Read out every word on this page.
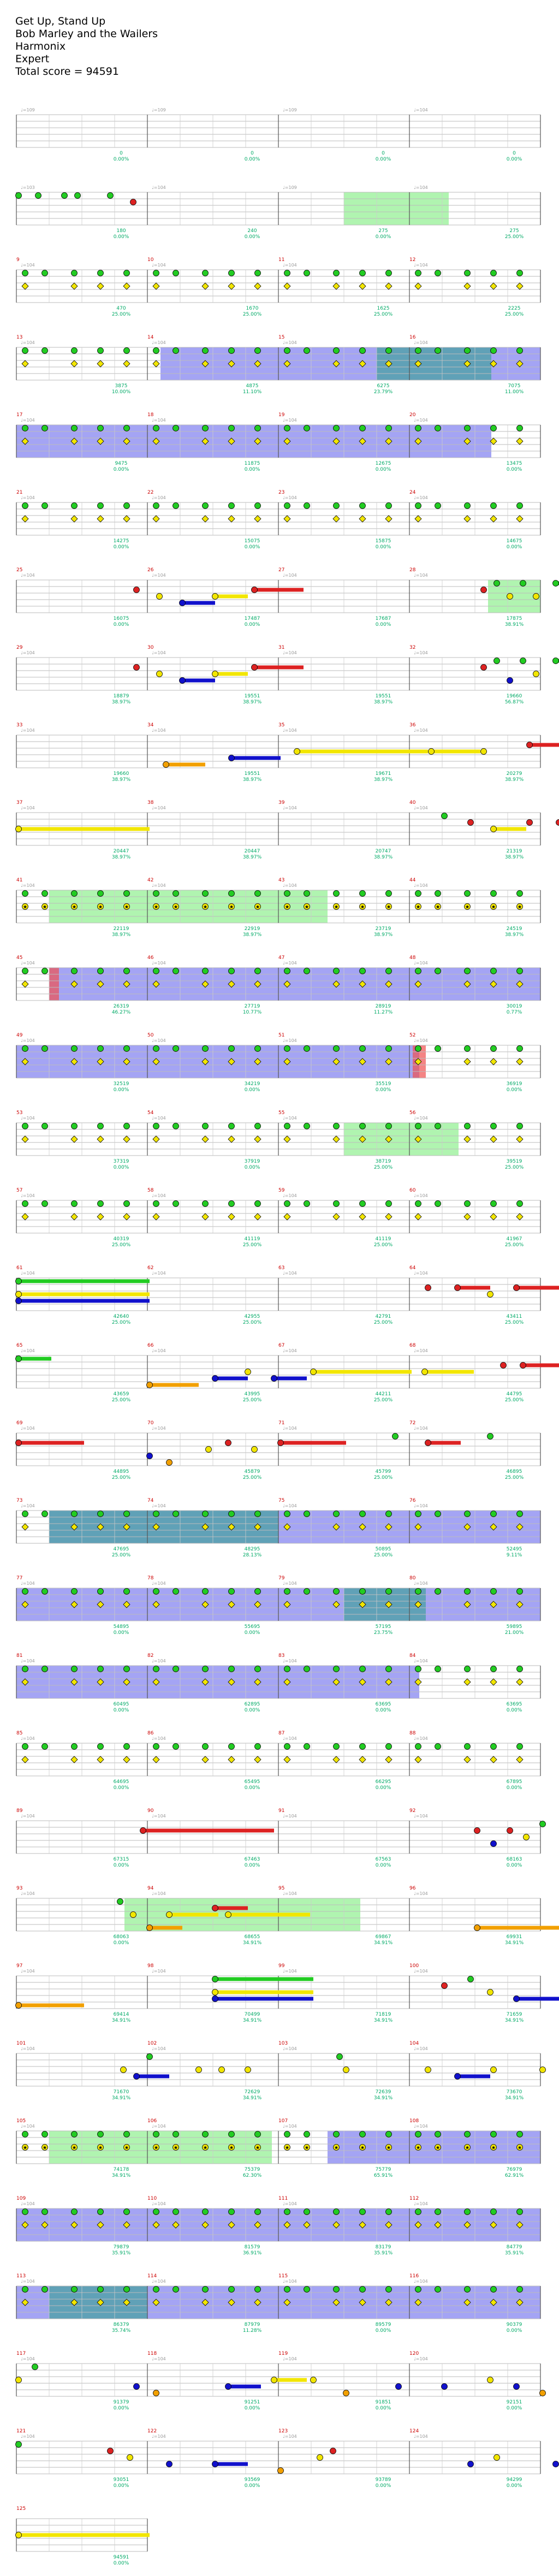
Get Up, Stand Up
Bob Marley and the Wailers
Harmonix
Expert
Total score = 94591
♩=109
0
0.00%
♩=109
0
0.00%
♩=109
0
0.00%
♩=104
0
0.00%
♩=103
180
0.00%
♩=104
240
0.00%
♩=109
275
0.00%
♩=104
275
25.00%
9
♩=104
470
25.00%
10
♩=104
1670
25.00%
11
♩=104
1625
25.00%
12
♩=104
2225
25.00%
13
♩=104
3875
10.00%
14
♩=104
4875
11.10%
15
♩=104
6275
23.79%
16
♩=104
7075
11.00%
17
♩=104
9475
0.00%
18
♩=104
11875
0.00%
19
♩=104
12675
0.00%
20
♩=104
13475
0.00%
21
♩=104
14275
0.00%
22
♩=104
15075
0.00%
23
♩=104
15875
0.00%
24
♩=104
14675
0.00%
25
♩=104
16075
0.00%
26
♩=104
17487
0.00%
27
♩=104
17687
0.00%
28
♩=104
17875
38.91%
29
♩=104
18879
38.97%
30
♩=104
19551
38.97%
31
♩=104
19551
38.97%
32
♩=104
19660
56.87%
33
♩=104
19660
38.97%
34
♩=104
19551
38.97%
35
♩=104
19671
38.97%
36
♩=104
20279
38.97%
37
♩=104
20447
38.97%
38
♩=104
20447
38.97%
39
♩=104
20747
38.97%
40
♩=104
21319
38.97%
41
♩=104
22119
38.97%
42
♩=104
22919
38.97%
43
♩=104
23719
38.97%
44
♩=104
24519
38.97%
★	★	★	★	★	★	★	★	★	★	★	★	★	★	★	★	★	★	★	★
45
♩=104
26319
46.27%
46
♩=104
27719
10.77%
47
♩=104
28919
11.27%
48
♩=104
30019
0.77%
49
♩=104
32519
0.00%
50
♩=104
34219
0.00%
51
♩=104
35519
0.00%
52
♩=104
36919
0.00%
53
♩=104
37319
0.00%
54
♩=104
37919
0.00%
55
♩=104
38719
25.00%
56
♩=104
39519
25.00%
57
♩=104
40319
25.00%
58
♩=104
41119
25.00%
59
♩=104
41119
25.00%
60
♩=104
41967
25.00%
61
♩=104
42640
25.00%
62
♩=104
42955
25.00%
63
♩=104
42791
25.00%
64
♩=104
43411
25.00%
65
♩=104
43659
25.00%
66
♩=104
43995
25.00%
67
♩=104
44211
25.00%
68
♩=104
44795
25.00%
69
♩=104
44895
25.00%
70
♩=104
45879
25.00%
71
♩=104
45799
25.00%
72
♩=104
46895
25.00%
73
♩=104
47695
25.00%
74
♩=104
48295
28.13%
75
♩=104
50895
25.00%
76
♩=104
52495
9.11%
77
♩=104
54895
0.00%
78
♩=104
55695
0.00%
79
♩=104
57195
23.75%
80
♩=104
59895
21.00%
81
♩=104
60495
0.00%
82
♩=104
62895
0.00%
83
♩=104
63695
0.00%
84
♩=104
63695
0.00%
85
♩=104
64695
0.00%
86
♩=104
65495
0.00%
87
♩=104
66295
0.00%
88
♩=104
67895
0.00%
89
♩=104
67315
0.00%
90
♩=104
67463
0.00%
91
♩=104
67563
0.00%
92
♩=104
68163
0.00%
93
♩=104
68063
0.00%
94
♩=104
68655
34.91%
95
♩=104
69867
34.91%
96
♩=104
69931
34.91%
97
♩=104
69414
34.91%
98
♩=104
70499
34.91%
99
♩=104
71819
34.91%
100
♩=104
71659
34.91%
101
♩=104
71670
34.91%
102
♩=104
72629
34.91%
103
♩=104
72639
34.91%
104
♩=104
73670
34.91%
105
♩=104
74178
34.91%
106
♩=104
75379
62.30%
107
♩=104
75779
65.91%
108
♩=104
76979
62.91%
★	★	★	★	★	★	★	★	★	★	★	★	★	★	★	★	★	★	★	★
109
♩=104
79879
35.91%
110
♩=104
81579
36.91%
111
♩=104
83179
35.91%
112
♩=104
84779
35.91%
113
♩=104
86379
35.74%
114
♩=104
87979
11.28%
115
♩=104
89579
0.00%
116
♩=104
90379
0.00%
117
♩=104
91379
0.00%
118
♩=104
91251
0.00%
119
♩=104
91851
0.00%
120
♩=104
92151
0.00%
121
♩=104
93051
0.00%
122
♩=104
93569
0.00%
123
♩=104
93789
0.00%
124
♩=104
94299
0.00%
125
94591
0.00%
